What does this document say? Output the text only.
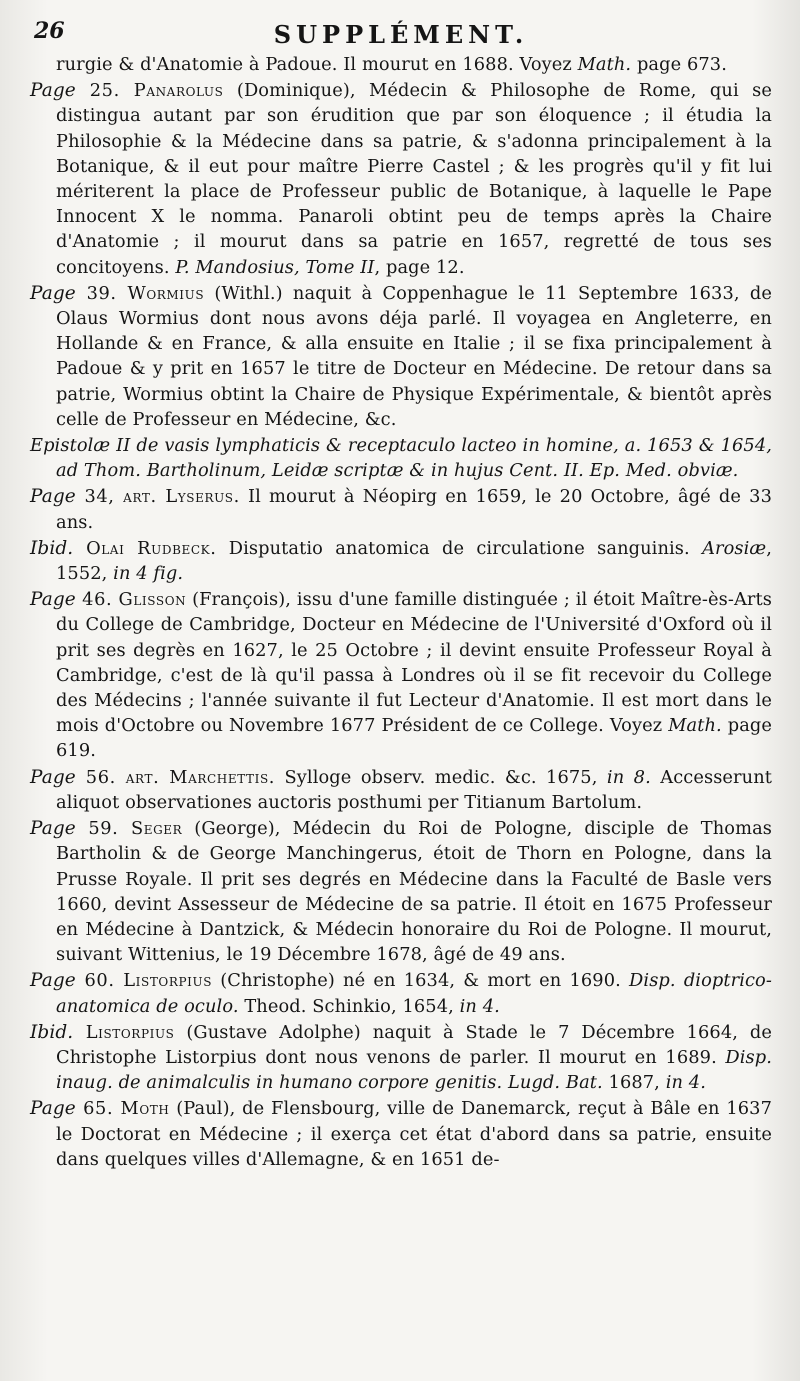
26	SUPPLÉMENT.

rurgie & d'Anatomie à Padoue. Il mourut en 1688. Voyez Math. page 673.

Page 25. Panarolus (Dominique), Médecin & Philosophe de Rome, qui se distingua autant par son érudition que par son éloquence ; il étudia la Philosophie & la Médecine dans sa patrie, & s'adonna principalement à la Botanique, & il eut pour maître Pierre Castel ; & les progrès qu'il y fit lui mériterent la place de Professeur public de Botanique, à laquelle le Pape Innocent X le nomma. Panaroli obtint peu de temps après la Chaire d'Anatomie ; il mourut dans sa patrie en 1657, regretté de tous ses concitoyens. P. Mandosius, Tome II, page 12.

Page 39. Wormius (Withl.) naquit à Coppenhague le 11 Septembre 1633, de Olaus Wormius dont nous avons déja parlé. Il voyagea en Angleterre, en Hollande & en France, & alla ensuite en Italie ; il se fixa principalement à Padoue & y prit en 1657 le titre de Docteur en Médecine. De retour dans sa patrie, Wormius obtint la Chaire de Physique Expérimentale, & bientôt après celle de Professeur en Médecine, &c.

Epistolæ II de vasis lymphaticis & receptaculo lacteo in homine, a. 1653 & 1654, ad Thom. Bartholinum, Leidæ scriptæ & in hujus Cent. II. Ep. Med. obviæ.

Page 34, art. Lyserus. Il mourut à Néopirg en 1659, le 20 Octobre, âgé de 33 ans.

Ibid. Olai Rudbeck. Disputatio anatomica de circulatione sanguinis. Arosiæ, 1552, in 4 fig.

Page 46. Glisson (François), issu d'une famille distinguée ; il étoit Maître-ès-Arts du College de Cambridge, Docteur en Médecine de l'Université d'Oxford où il prit ses degrès en 1627, le 25 Octobre ; il devint ensuite Professeur Royal à Cambridge, c'est de là qu'il passa à Londres où il se fit recevoir du College des Médecins ; l'année suivante il fut Lecteur d'Anatomie. Il est mort dans le mois d'Octobre ou Novembre 1677 Président de ce College. Voyez Math. page 619.

Page 56. art. Marchettis. Sylloge observ. medic. &c. 1675, in 8. Accesserunt aliquot observationes auctoris posthumi per Titianum Bartolum.

Page 59. Seger (George), Médecin du Roi de Pologne, disciple de Thomas Bartholin & de George Manchingerus, étoit de Thorn en Pologne, dans la Prusse Royale. Il prit ses degrés en Médecine dans la Faculté de Basle vers 1660, devint Assesseur de Médecine de sa patrie. Il étoit en 1675 Professeur en Médecine à Dantzick, & Médecin honoraire du Roi de Pologne. Il mourut, suivant Wittenius, le 19 Décembre 1678, âgé de 49 ans.

Page 60. Listorpius (Christophe) né en 1634, & mort en 1690. Disp. dioptrico-anatomica de oculo. Theod. Schinkio, 1654, in 4.

Ibid. Listorpius (Gustave Adolphe) naquit à Stade le 7 Décembre 1664, de Christophe Listorpius dont nous venons de parler. Il mourut en 1689. Disp. inaug. de animalculis in humano corpore genitis. Lugd. Bat. 1687, in 4.

Page 65. Moth (Paul), de Flensbourg, ville de Danemarck, reçut à Bâle en 1637 le Doctorat en Médecine ; il exerça cet état d'abord dans sa patrie, ensuite dans quelques villes d'Allemagne, & en 1651 de-
